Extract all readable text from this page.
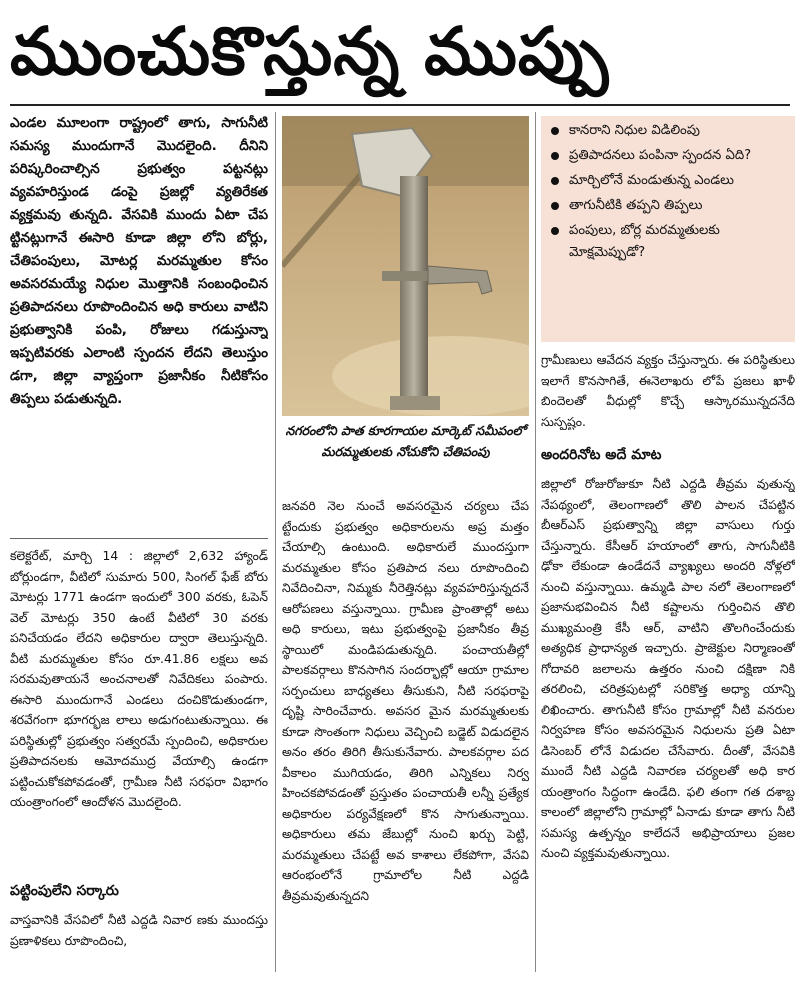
ముంచుకొస్తున్న ముప్పు

ఎండల మూలంగా రాష్ట్రంలో తాగు, సాగునీటి సమస్య ముందుగానే మొదలైంది. దీనిని పరిష్కరించాల్సిన ప్రభుత్వం పట్టనట్లు వ్యవహరిస్తుండ డంపై ప్రజల్లో వ్యతిరేకత వ్యక్తమవు తున్నది. వేసవికి ముందు ఏటా చేప ట్టినట్లుగానే ఈసారి కూడా జిల్లా లోని బోర్లు, చేతిపంపులు, మోటర్ల మరమ్మతుల కోసం అవసరమయ్యే నిధుల మొత్తానికి సంబంధించిన ప్రతిపాదనలు రూపొందించిన అధి కారులు వాటిని ప్రభుత్వానికి పంపి, రోజులు గడుస్తున్నా ఇప్పటివరకు ఎలాంటి స్పందన లేదని తెలుస్తుం డగా, జిల్లా వ్యాప్తంగా ప్రజానీకం నీటికోసం తిప్పలు పడుతున్నది.

కలెక్టరేట్, మార్చి 14 : జిల్లాలో 2,632 హ్యాండ్ బోర్లుండగా, వీటిలో సుమారు 500, సింగల్ ఫేజ్ బోరు మోటర్లు 1771 ఉండగా ఇందులో 300 వరకు, ఓపెన్ వెల్ మోటర్లు 350 ఉంటే వీటిలో 30 వరకు పనిచేయడం లేదని అధికారుల ద్వారా తెలుస్తున్నది. వీటి మరమ్మతుల కోసం రూ.41.86 లక్షలు అవ సరమవుతాయనే అంచనాలతో నివేదికలు పంపారు. ఈసారి ముందుగానే ఎండలు దంచికొడుతుండగా, శరవేగంగా భూగర్భజ లాలు అడుగంటుతున్నాయి. ఈ పరిస్థితుల్లో ప్రభుత్వం సత్వరమే స్పందించి, అధికారుల ప్రతిపాదనలకు ఆమోదముద్ర వేయాల్సి ఉండగా పట్టించుకోకపోవడంతో, గ్రామీణ నీటి సరఫరా విభాగం యంత్రాంగంలో ఆందోళన మొదలైంది.

పట్టింపులేని సర్కారు

వాస్తవానికి వేసవిలో నీటి ఎద్దడి నివార ణకు ముందస్తు ప్రణాళికలు రూపొందించి,

నగరంలోని పాత కూరగాయల మార్కెట్ సమీపంలో మరమ్మతులకు నోచుకోని చేతిపంపు

జనవరి నెల నుంచే అవసరమైన చర్యలు చేప ట్టేందుకు ప్రభుత్వం అధికారులను అప్ర మత్తం చేయాల్సి ఉంటుంది. అధికారులే ముందస్తుగా మరమ్మతుల కోసం ప్రతిపాద నలు రూపొందించి నివేదించినా, నిమ్మకు నీరెత్తినట్లు వ్యవహరిస్తున్నదనే ఆరోపణలు వస్తున్నాయి. గ్రామీణ ప్రాంతాల్లో అటు అధి కారులు, ఇటు ప్రభుత్వంపై ప్రజానీకం తీవ్ర స్థాయిలో మండిపడుతున్నది. పంచాయతీల్లో పాలకవర్గాలు కొనసాగిన సందర్భాల్లో ఆయా గ్రామాల సర్పంచులు బాధ్యతలు తీసుకుని, నీటి సరఫరాపై దృష్టి సారించేవారు. అవసర మైన మరమ్మతులకు కూడా సొంతంగా నిధులు వెచ్చించి బడ్జెట్ విడుదలైన అనం తరం తిరిగి తీసుకునేవారు. పాలకవర్గాల పద వీకాలం ముగియడం, తిరిగి ఎన్నికలు నిర్వ హించకపోవడంతో ప్రస్తుతం పంచాయతీ లన్నీ ప్రత్యేక అధికారుల పర్యవేక్షణలో కొన సాగుతున్నాయి. అధికారులు తమ జేబుల్లో నుంచి ఖర్చు పెట్టి, మరమ్మతులు చేపట్టే అవ కాశాలు లేకపోగా, వేసవి ఆరంభంలోనే గ్రామాలోల నీటి ఎద్దడి తీవ్రమవుతున్నదని

కానరాని నిధుల విడిలింపు
ప్రతిపాదనలు పంపినా స్పందన ఏది?
మార్చిలోనే మండుతున్న ఎండలు
తాగునీటికి తప్పని తిప్పలు
పంపులు, బోర్ల మరమ్మతులకు మోక్షమెప్పుడో?

గ్రామీణులు ఆవేదన వ్యక్తం చేస్తున్నారు. ఈ పరిస్థితులు ఇలాగే కొనసాగితే, ఈనెలాఖరు లోపే ప్రజలు ఖాళీ బిందెలతో వీధుల్లో కొచ్చే ఆస్కారమున్నదనేది సుస్పష్టం.

అందరినోట అదే మాట

జిల్లాలో రోజురోజుకూ నీటి ఎద్దడి తీవ్రమ వుతున్న నేపథ్యంలో, తెలంగాణలో తొలి పాలన చేపట్టిన బీఆర్ఎస్ ప్రభుత్వాన్ని జిల్లా వాసులు గుర్తు చేస్తున్నారు. కేసీఆర్ హయాంలో తాగు, సాగునీటికి ఢోకా లేకుండా ఉండేదనే వ్యాఖ్యలు అందరి నోళ్లలో నుంచి వస్తున్నాయి. ఉమ్మడి పాల నలో తెలంగాణలో ప్రజానుభవించిన నీటి కష్టాలను గుర్తించిన తొలి ముఖ్యమంత్రి కేసీ ఆర్, వాటిని తొలగించేందుకు అత్యధిక ప్రాధాన్యత ఇచ్చారు. ప్రాజెక్టుల నిర్మాణంతో గోదావరి జలాలను ఉత్తరం నుంచి దక్షిణా నికి తరలించి, చరిత్రపుటల్లో సరికొత్త అధ్యా యాన్ని లిఖించారు. తాగునీటి కోసం గ్రామాల్లో నీటి వనరుల నిర్వహణ కోసం అవసరమైన నిధులను ప్రతి ఏటా డిసెంబర్ లోనే విడుదల చేసేవారు. దీంతో, వేసవికి ముందే నీటి ఎద్దడి నివారణ చర్యలతో అధి కార యంత్రాంగం సిద్ధంగా ఉండేది. ఫలి తంగా గత దశాబ్ద కాలంలో జిల్లాలోని గ్రామాల్లో ఏనాడు కూడా తాగు నీటి సమస్య ఉత్పన్నం కాలేదనే అభిప్రాయాలు ప్రజల నుంచి వ్యక్తమవుతున్నాయి.
